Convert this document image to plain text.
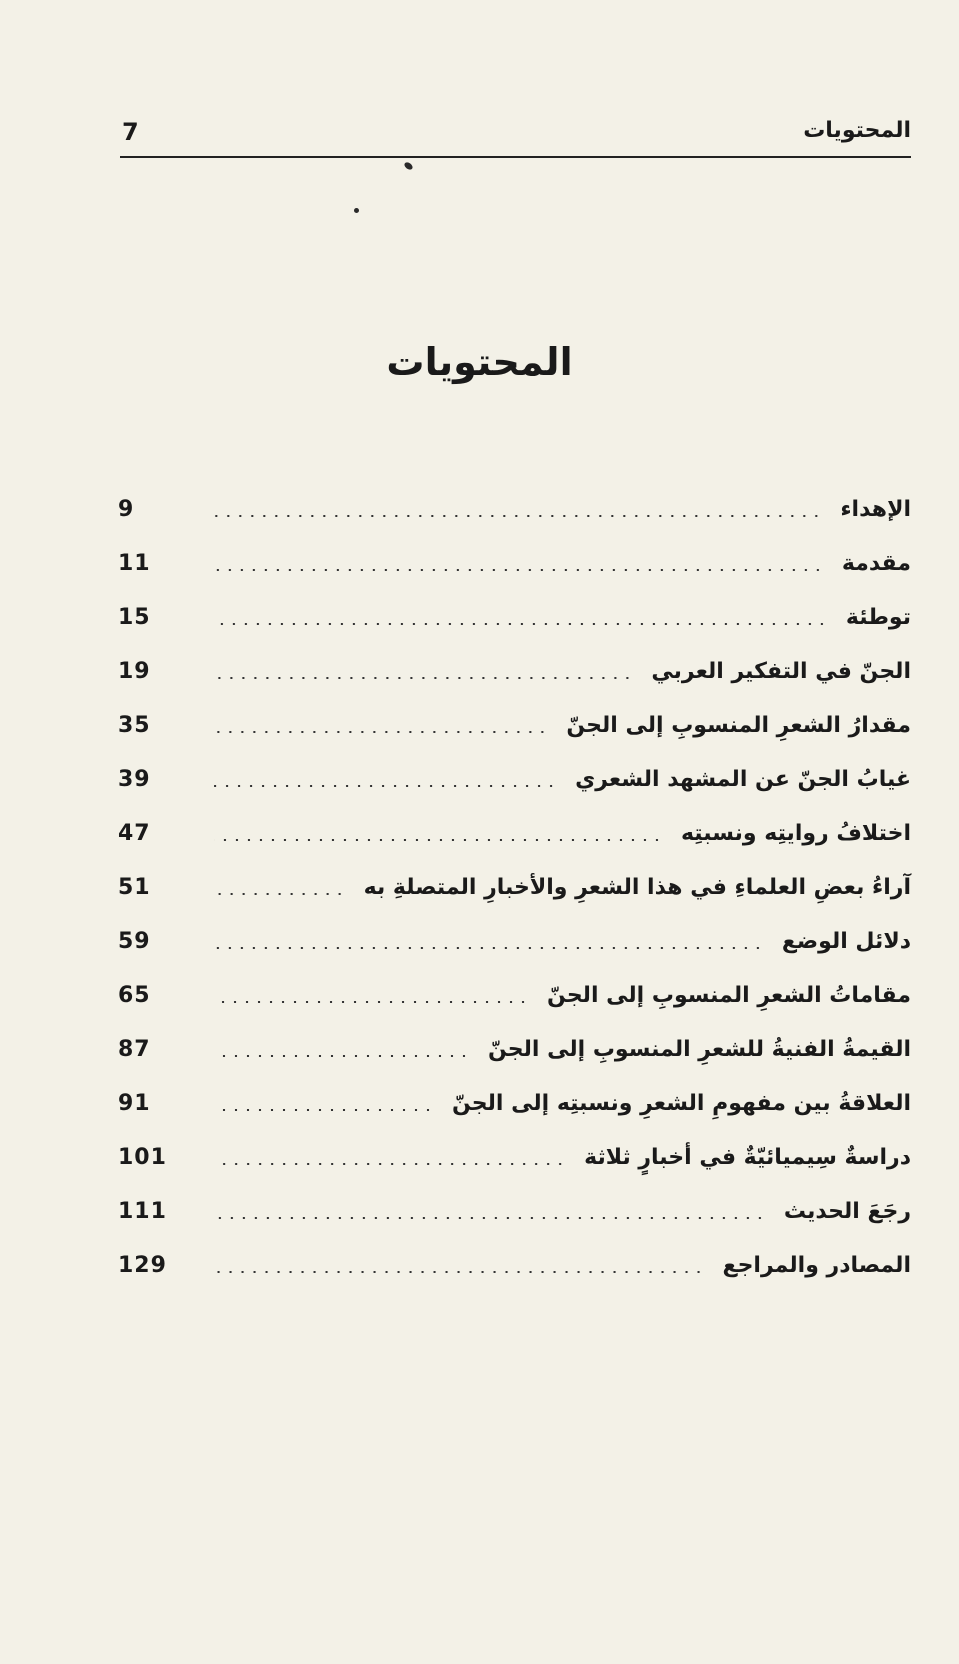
المحتويات
7
المحتويات
الإهداء
9
مقدمة
11
توطئة
15
الجنّ في التفكير العربي
19
مقدارُ الشعرِ المنسوبِ إلى الجنّ
35
غيابُ الجنّ عن المشهد الشعري
39
اختلافُ روايتِه ونسبتِه
47
آراءُ بعضِ العلماءِ في هذا الشعرِ والأخبارِ المتصلةِ به
51
دلائل الوضع
59
مقاماتُ الشعرِ المنسوبِ إلى الجنّ
65
القيمةُ الفنيةُ للشعرِ المنسوبِ إلى الجنّ
87
العلاقةُ بين مفهومِ الشعرِ ونسبتِه إلى الجنّ
91
دراسةٌ سِيميائيّةٌ في أخبارٍ ثلاثة
101
رجَعَ الحديث
111
المصادر والمراجع
129
